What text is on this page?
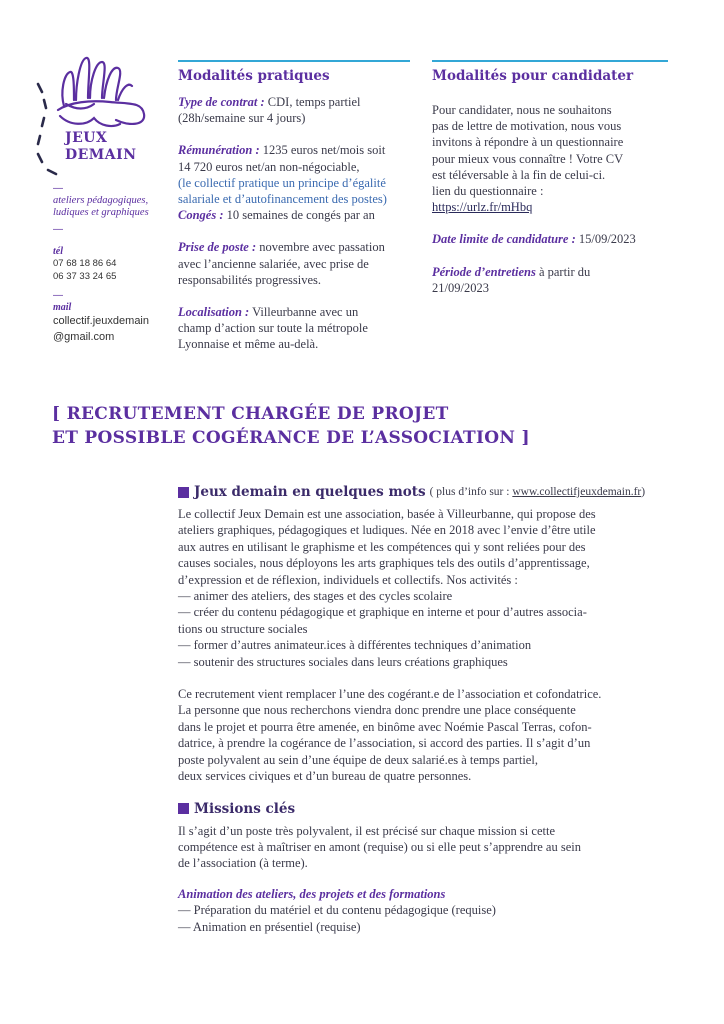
JEUX
DEMAIN
—
ateliers pédagogiques,
ludiques et graphiques
—
tél
07 68 18 86 64
06 37 33 24 65
—
mail
collectif.jeuxdemain
@gmail.com
Modalités pratiques
Type de contrat : CDI, temps partiel
(28h/semaine sur 4 jours)
Rémunération : 1235 euros net/mois soit
14 720 euros net/an non-négociable,
(le collectif pratique un principe d’égalité
salariale et d’autofinancement des postes)
Congés : 10 semaines de congés par an
Prise de poste : novembre avec passation
avec l’ancienne salariée, avec prise de
responsabilités progressives.
Localisation : Villeurbanne avec un
champ d’action sur toute la métropole
Lyonnaise et même au-delà.
Modalités pour candidater
Pour candidater, nous ne souhaitons
pas de lettre de motivation, nous vous
invitons à répondre à un questionnaire
pour mieux vous connaître ! Votre CV
est téléversable à la fin de celui-ci.
lien du questionnaire :
https://urlz.fr/mHbq
Date limite de candidature : 15/09/2023
Période d’entretiens à partir du
21/09/2023
[ RECRUTEMENT CHARGÉE DE PROJET
ET POSSIBLE COGÉRANCE DE L’ASSOCIATION ]
Jeux demain en quelques mots ( plus d’info sur : www.collectifjeuxdemain.fr)
Le collectif Jeux Demain est une association, basée à Villeurbanne, qui propose des
ateliers graphiques, pédagogiques et ludiques. Née en 2018 avec l’envie d’être utile
aux autres en utilisant le graphisme et les compétences qui y sont reliées pour des
causes sociales, nous déployons les arts graphiques tels des outils d’apprentissage,
d’expression et de réflexion, individuels et collectifs. Nos activités :
— animer des ateliers, des stages et des cycles scolaire
— créer du contenu pédagogique et graphique en interne et pour d’autres associa-
tions ou structure sociales
— former d’autres animateur.ices à différentes techniques d’animation
— soutenir des structures sociales dans leurs créations graphiques
Ce recrutement vient remplacer l’une des cogérant.e de l’association et cofondatrice.
La personne que nous recherchons viendra donc prendre une place conséquente
dans le projet et pourra être amenée, en binôme avec Noémie Pascal Terras, cofon-
datrice, à prendre la cogérance de l’association, si accord des parties. Il s’agit d’un
poste polyvalent au sein d’une équipe de deux salarié.es à temps partiel,
deux services civiques et d’un bureau de quatre personnes.
Missions clés
Il s’agit d’un poste très polyvalent, il est précisé sur chaque mission si cette
compétence est à maîtriser en amont (requise) ou si elle peut s’apprendre au sein
de l’association (à terme).
Animation des ateliers, des projets et des formations
— Préparation du matériel et du contenu pédagogique (requise)
— Animation en présentiel (requise)
